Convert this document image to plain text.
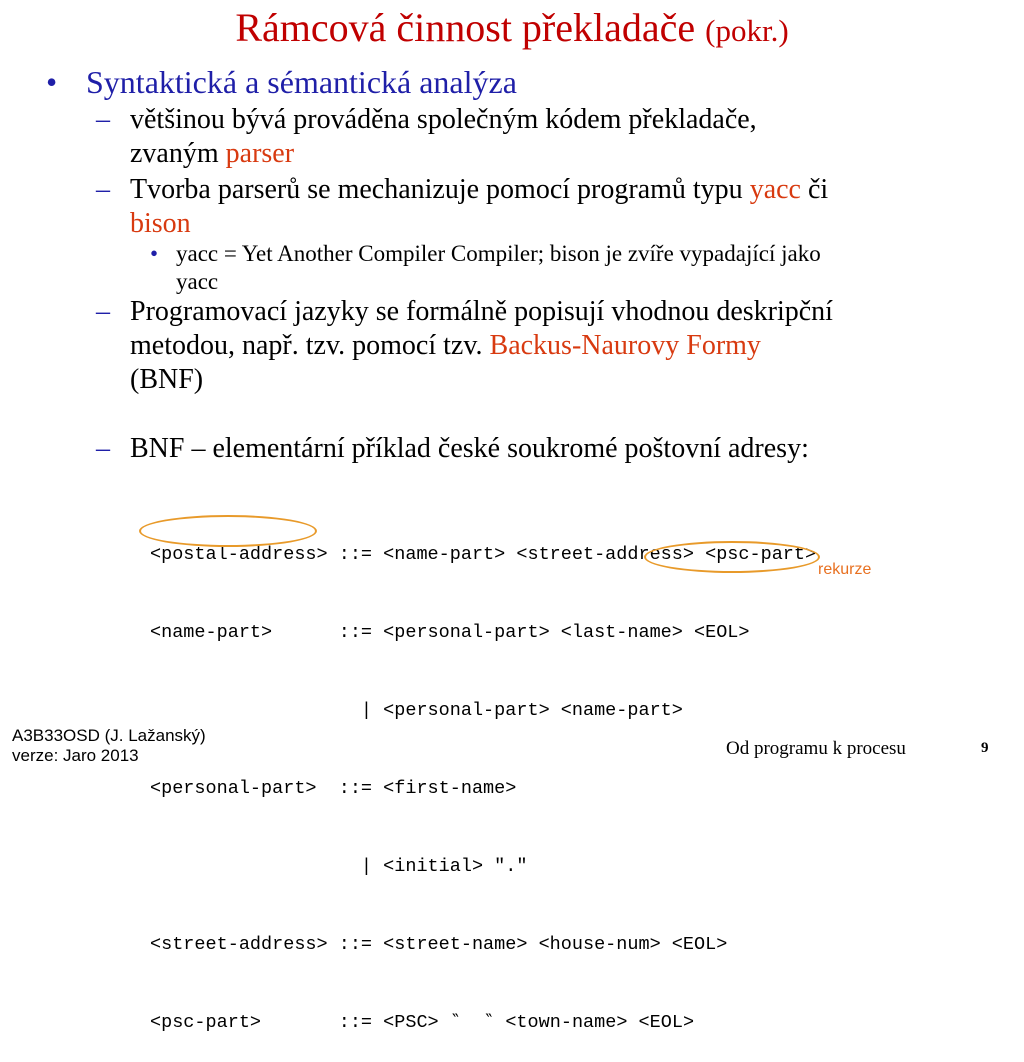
Rámcová činnost překladače (pokr.)
• Syntaktická a sémantická analýza
– většinou bývá prováděna společným kódem překladače,
zvaným parser
– Tvorba parserů se mechanizuje pomocí programů typu yacc či
bison
• yacc = Yet Another Compiler Compiler; bison je zvíře vypadající jako
yacc
– Programovací jazyky se formálně popisují vhodnou deskripční
metodou, např. tzv. pomocí tzv. Backus-Naurovy Formy
(BNF)
– BNF – elementární příklad české soukromé poštovní adresy:

<postal-address> ::= <name-part> <street-address> <psc-part>

<name-part>      ::= <personal-part> <last-name> <EOL>

| <personal-part> <name-part>

<personal-part>  ::= <first-name>

| <initial> "."

<street-address> ::= <street-name> <house-num> <EOL>

<psc-part>       ::= <PSC> ‶  ‶ <town-name> <EOL>

rekurze
A3B33OSD (J. Lažanský)
verze: Jaro 2013	Od programu k procesu	9
